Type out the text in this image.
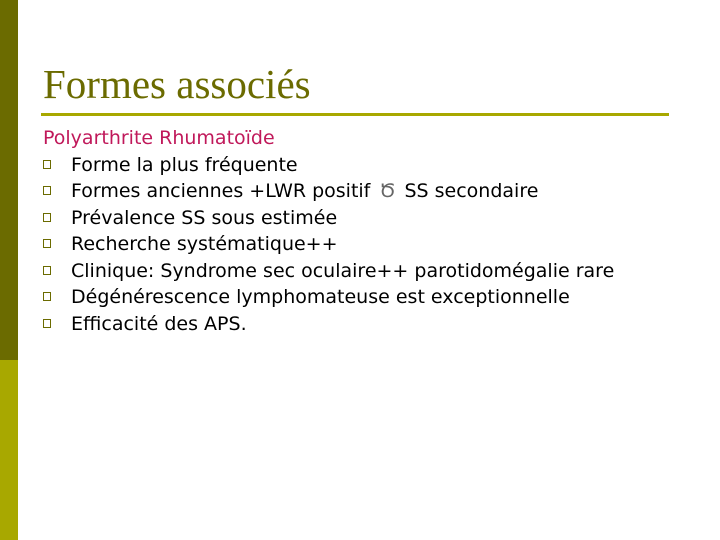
Formes associés
Polyarthrite Rhumatoïde
Forme la plus fréquente
Formes anciennes +LWR positif Ծ SS secondaire
Prévalence SS sous estimée
Recherche systématique++
Clinique: Syndrome sec oculaire++ parotidomégalie rare
Dégénérescence lymphomateuse est exceptionnelle
Efficacité des APS.
